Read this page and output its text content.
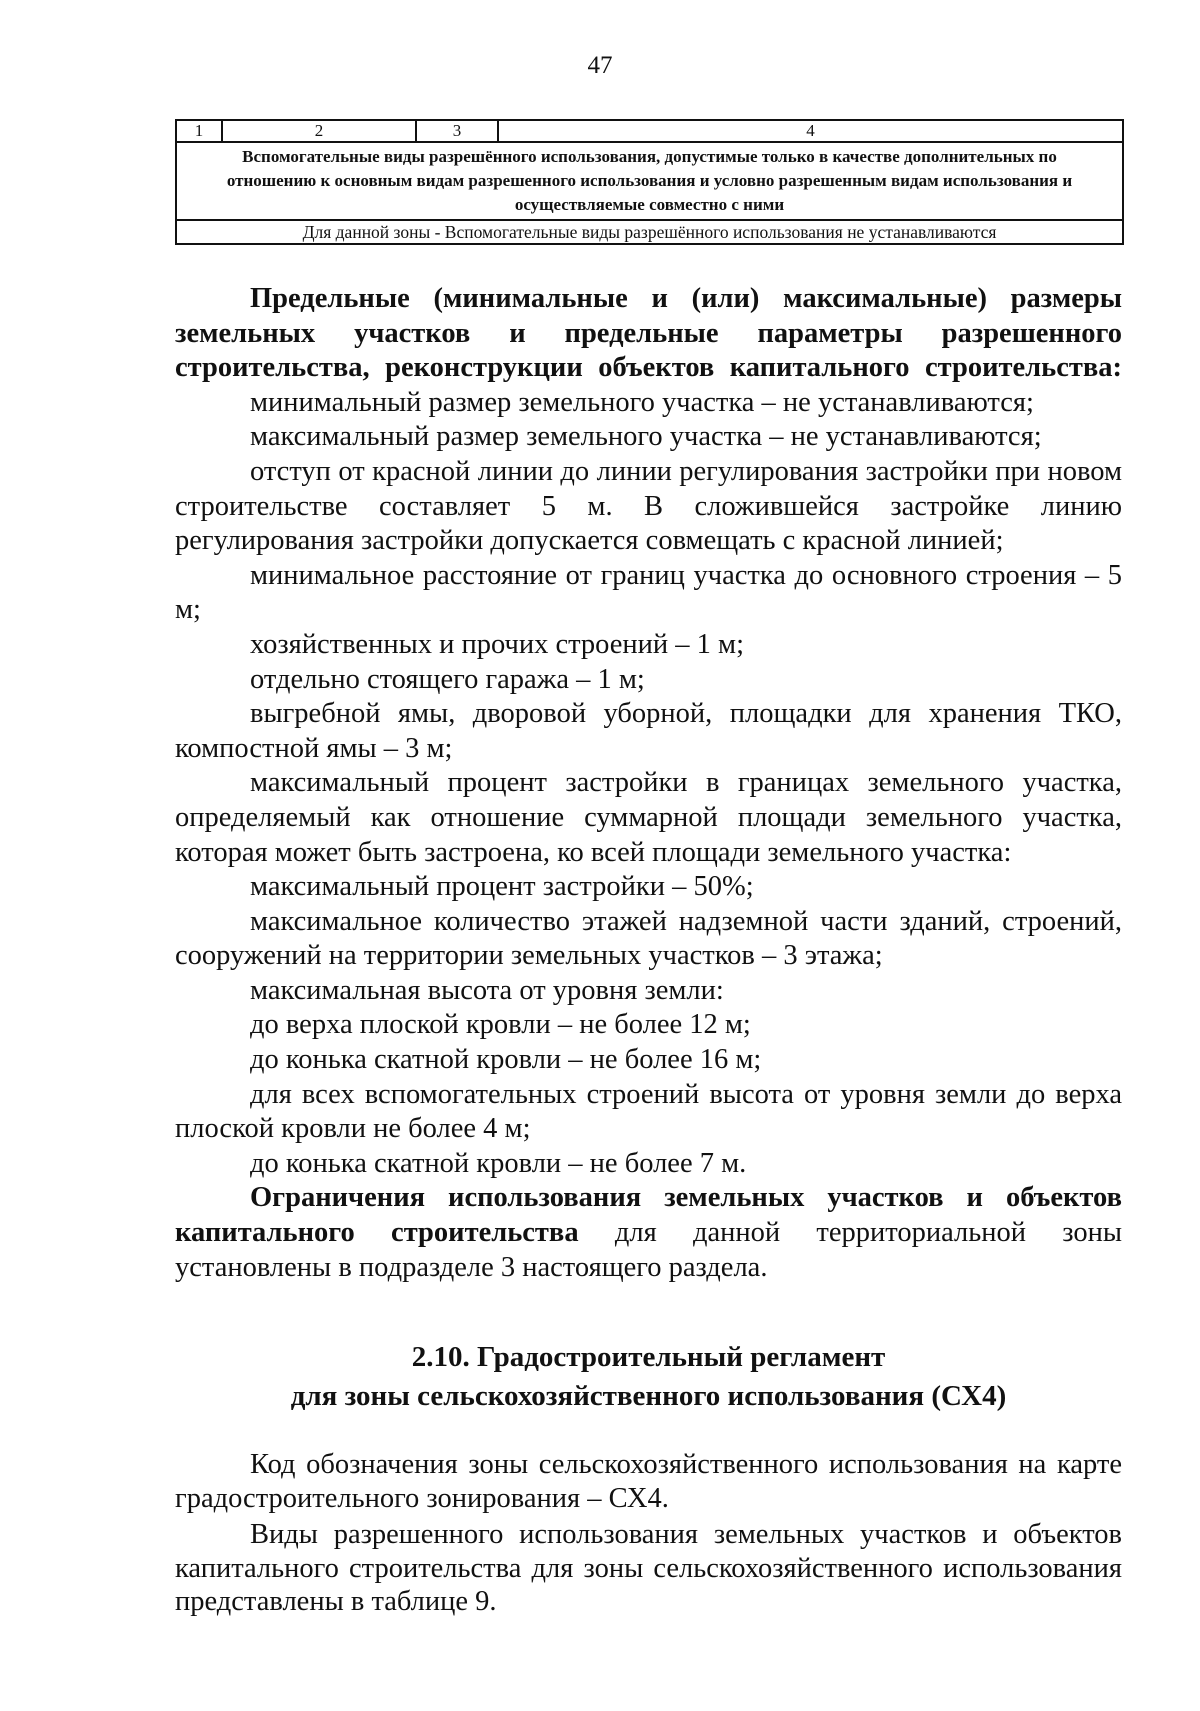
47
1	2	3	4
Вспомогательные виды разрешённого использования, допустимые только в качестве дополнительных по отношению к основным видам разрешенного использования и условно разрешенным видам использования и осуществляемые совместно с ними
Для данной зоны - Вспомогательные виды разрешённого использования не устанавливаются

Предельные (минимальные и (или) максимальные) размеры земельных участков и предельные параметры разрешенного строительства, реконструкции объектов капитального строительства:

минимальный размер земельного участка – не устанавливаются;

максимальный размер земельного участка – не устанавливаются;

отступ от красной линии до линии регулирования застройки при новом строительстве составляет 5 м. В сложившейся застройке линию регулирования застройки допускается совмещать с красной линией;

минимальное расстояние от границ участка до основного строения – 5 м;

хозяйственных и прочих строений – 1 м;

отдельно стоящего гаража – 1 м;

выгребной ямы, дворовой уборной, площадки для хранения ТКО, компостной ямы – 3 м;

максимальный процент застройки в границах земельного участка, определяемый как отношение суммарной площади земельного участка, которая может быть застроена, ко всей площади земельного участка:

максимальный процент застройки – 50%;

максимальное количество этажей надземной части зданий, строений, сооружений на территории земельных участков – 3 этажа;

максимальная высота от уровня земли:

до верха плоской кровли – не более 12 м;

до конька скатной кровли – не более 16 м;

для всех вспомогательных строений высота от уровня земли до верха плоской кровли не более 4 м;

до конька скатной кровли – не более 7 м.

Ограничения использования земельных участков и объектов капитального строительства для данной территориальной зоны установлены в подразделе 3 настоящего раздела.

2.10. Градостроительный регламент
для зоны сельскохозяйственного использования (СХ4)

Код обозначения зоны сельскохозяйственного использования на карте градостроительного зонирования – СХ4.

Виды разрешенного использования земельных участков и объектов капитального строительства для зоны сельскохозяйственного использования представлены в таблице 9.
